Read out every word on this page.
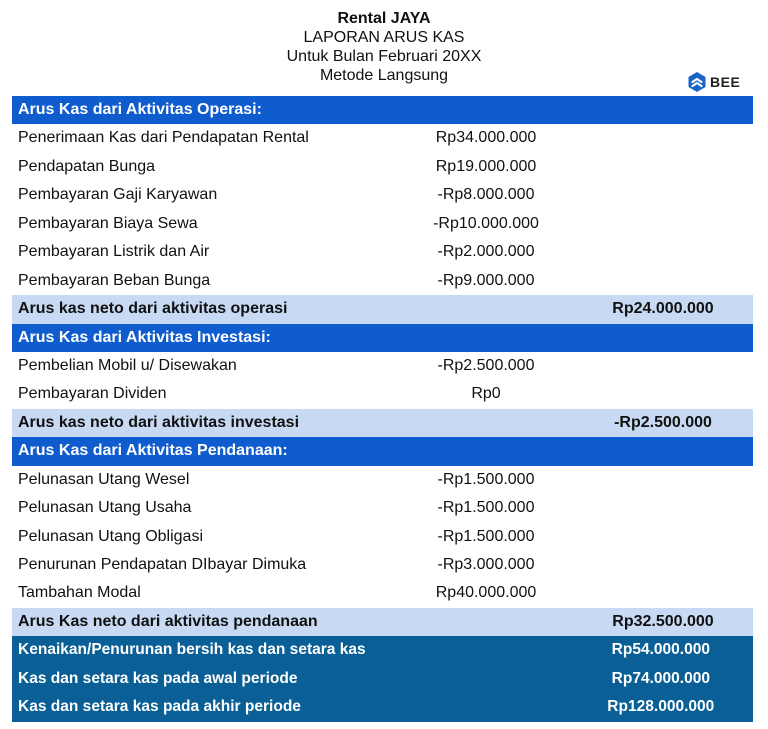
Rental JAYA
LAPORAN ARUS KAS
Untuk Bulan Februari 20XX
Metode Langsung	BEE
Arus Kas dari Aktivitas Operasi:
Penerimaan Kas dari Pendapatan Rental	Rp34.000.000
Pendapatan Bunga	Rp19.000.000
Pembayaran Gaji Karyawan	-Rp8.000.000
Pembayaran Biaya Sewa	-Rp10.000.000
Pembayaran Listrik dan Air	-Rp2.000.000
Pembayaran Beban Bunga	-Rp9.000.000
Arus kas neto dari aktivitas operasi	Rp24.000.000
Arus Kas dari Aktivitas Investasi:
Pembelian Mobil u/ Disewakan	-Rp2.500.000
Pembayaran Dividen	Rp0
Arus kas neto dari aktivitas investasi	-Rp2.500.000
Arus Kas dari Aktivitas Pendanaan:
Pelunasan Utang Wesel	-Rp1.500.000
Pelunasan Utang Usaha	-Rp1.500.000
Pelunasan Utang Obligasi	-Rp1.500.000
Penurunan Pendapatan DIbayar Dimuka	-Rp3.000.000
Tambahan Modal	Rp40.000.000
Arus Kas neto dari aktivitas pendanaan	Rp32.500.000
Kenaikan/Penurunan bersih kas dan setara kas	Rp54.000.000
Kas dan setara kas pada awal periode	Rp74.000.000
Kas dan setara kas pada akhir periode	Rp128.000.000
